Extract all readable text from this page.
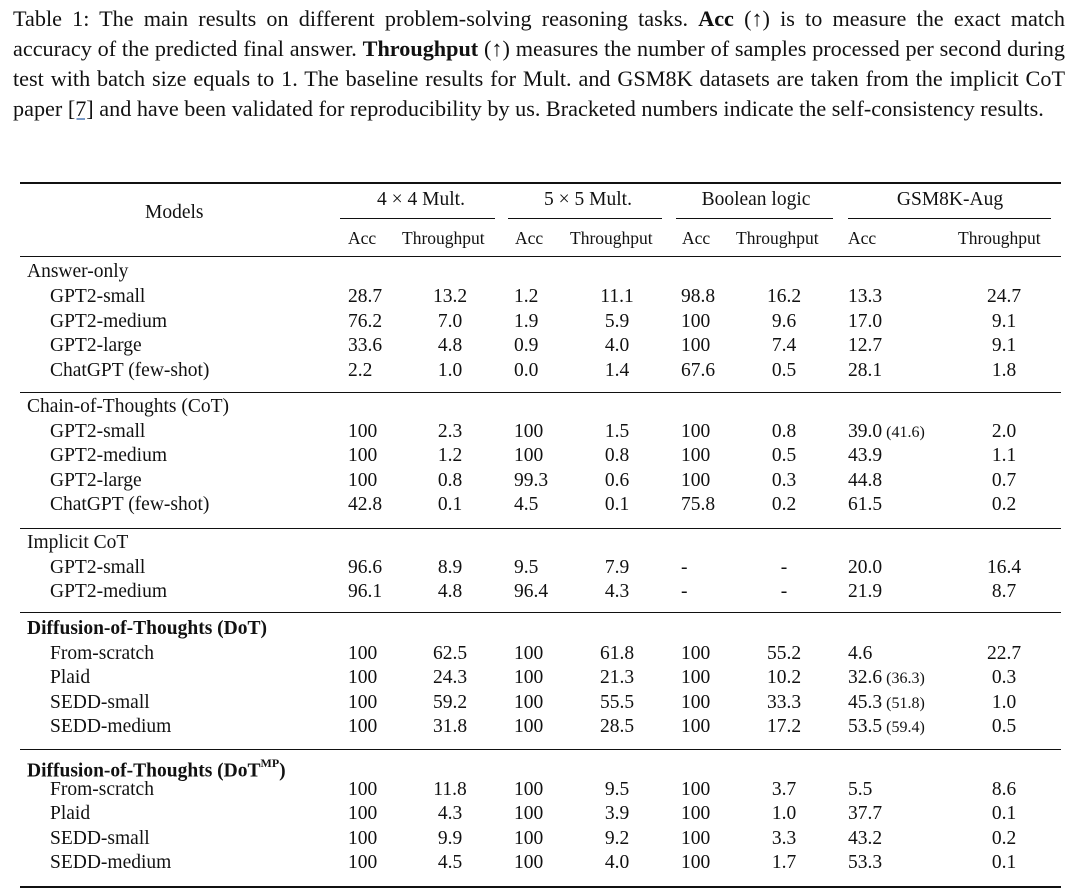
Table 1: The main results on different problem-solving reasoning tasks. Acc (↑) is to measure the exact match accuracy of the predicted final answer. Throughput (↑) measures the number of samples processed per second during test with batch size equals to 1. The baseline results for Mult. and GSM8K datasets are taken from the implicit CoT paper [7] and have been validated for reproducibility by us. Bracketed numbers indicate the self-consistency results.
Models
4 × 4 Mult.	5 × 5 Mult.	Boolean logic	GSM8K-Aug
Acc Throughput Acc Throughput Acc Throughput Acc	Throughput
Answer-only
GPT2-small	28.7	13.2	1.2	11.1	98.8	16.2	13.3	24.7
GPT2-medium	76.2	7.0	1.9	5.9	100	9.6	17.0	9.1
GPT2-large	33.6	4.8	0.9	4.0	100	7.4	12.7	9.1
ChatGPT (few-shot)	2.2	1.0	0.0	1.4	67.6	0.5	28.1	1.8
Chain-of-Thoughts (CoT)
GPT2-small	100	2.3	100	1.5	100	0.8	39.0 (41.6)	2.0
GPT2-medium	100	1.2	100	0.8	100	0.5	43.9	1.1
GPT2-large	100	0.8	99.3	0.6	100	0.3	44.8	0.7
ChatGPT (few-shot)	42.8	0.1	4.5	0.1	75.8	0.2	61.5	0.2
Implicit CoT
GPT2-small	96.6	8.9	9.5	7.9	-	-	20.0	16.4
GPT2-medium	96.1	4.8	96.4	4.3	-	-	21.9	8.7
Diffusion-of-Thoughts (DoT)
From-scratch	100	62.5	100	61.8	100	55.2	4.6	22.7
Plaid	100	24.3	100	21.3	100	10.2	32.6 (36.3)	0.3
SEDD-small	100	59.2	100	55.5	100	33.3	45.3 (51.8)	1.0
SEDD-medium	100	31.8	100	28.5	100	17.2	53.5 (59.4)	0.5
Diffusion-of-Thoughts (DoT$^{MP}$)
From-scratch	100	11.8	100	9.5	100	3.7	5.5	8.6
Plaid	100	4.3	100	3.9	100	1.0	37.7	0.1
SEDD-small	100	9.9	100	9.2	100	3.3	43.2	0.2
SEDD-medium	100	4.5	100	4.0	100	1.7	53.3	0.1
